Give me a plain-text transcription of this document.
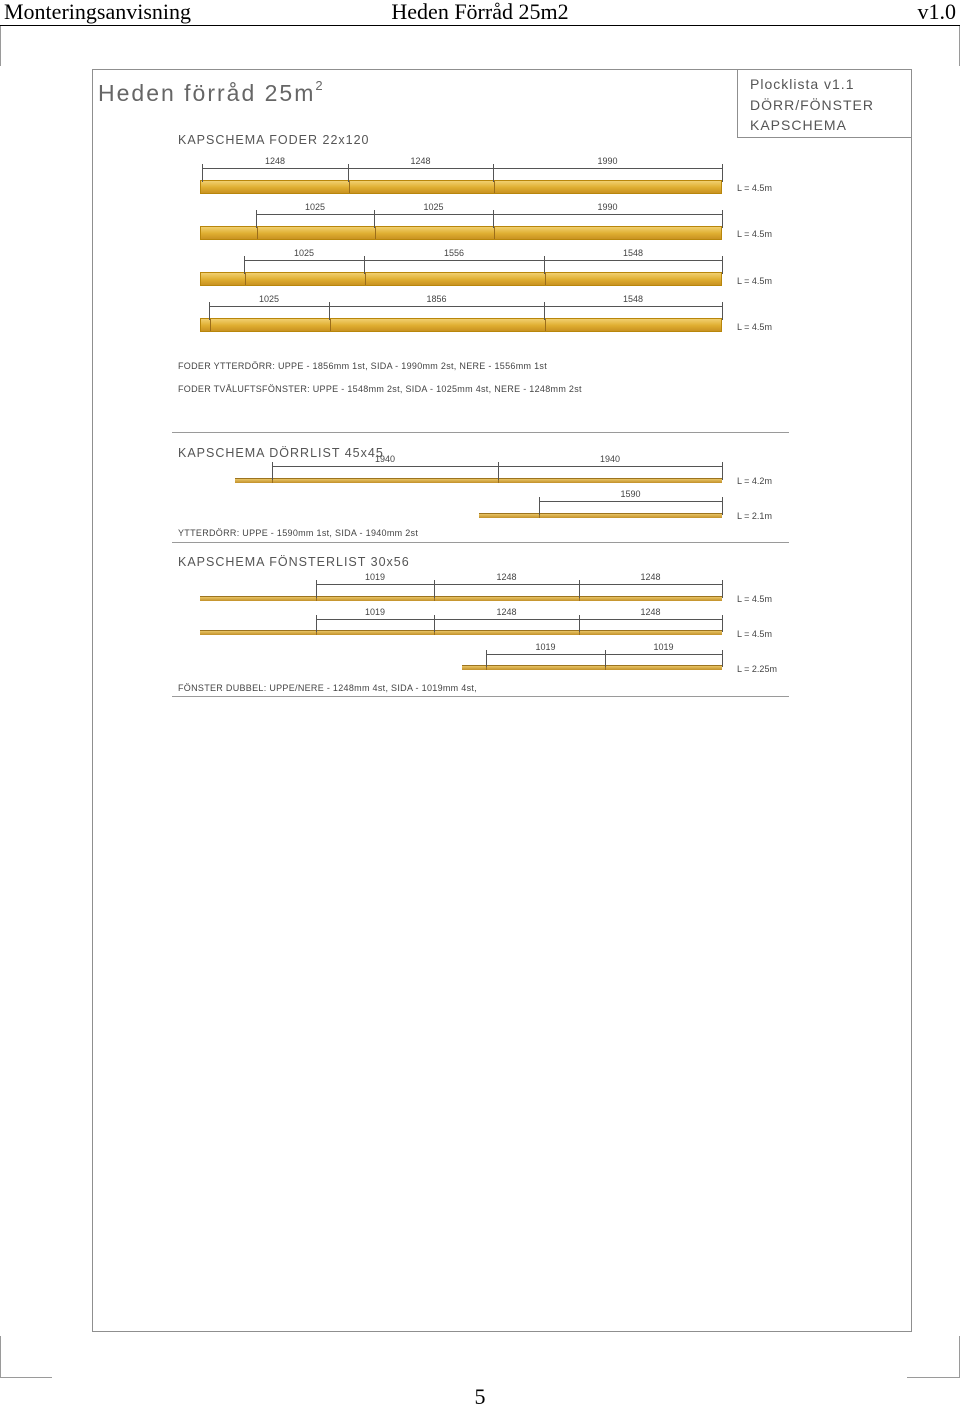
Monteringsanvisning	Heden Förråd 25m2	v1.0
Plocklista v1.1
DÖRR/FÖNSTER
KAPSCHEMA
Heden förråd $25m^2$
KAPSCHEMA FODER 22x120
KAPSCHEMA DÖRRLIST 45x45
KAPSCHEMA FÖNSTERLIST 30x56
FODER YTTERDÖRR: UPPE - 1856mm 1st, SIDA - 1990mm 2st, NERE - 1556mm 1st
FODER TVÅLUFTSFÖNSTER: UPPE - 1548mm 2st, SIDA - 1025mm 4st, NERE - 1248mm 2st
YTTERDÖRR: UPPE - 1590mm 1st, SIDA - 1940mm 2st
FÖNSTER DUBBEL: UPPE/NERE - 1248mm 4st, SIDA - 1019mm 4st,
1248	1248	1990
L = 4.5m
1025	1025	1990
L = 4.5m
1025	1556	1548
L = 4.5m
1025	1856	1548
L = 4.5m
1940	1940
L = 4.2m
1590
L = 2.1m
1019	1248	1248
L = 4.5m
1019	1248	1248
L = 4.5m
1019	1019
L = 2.25m
5
